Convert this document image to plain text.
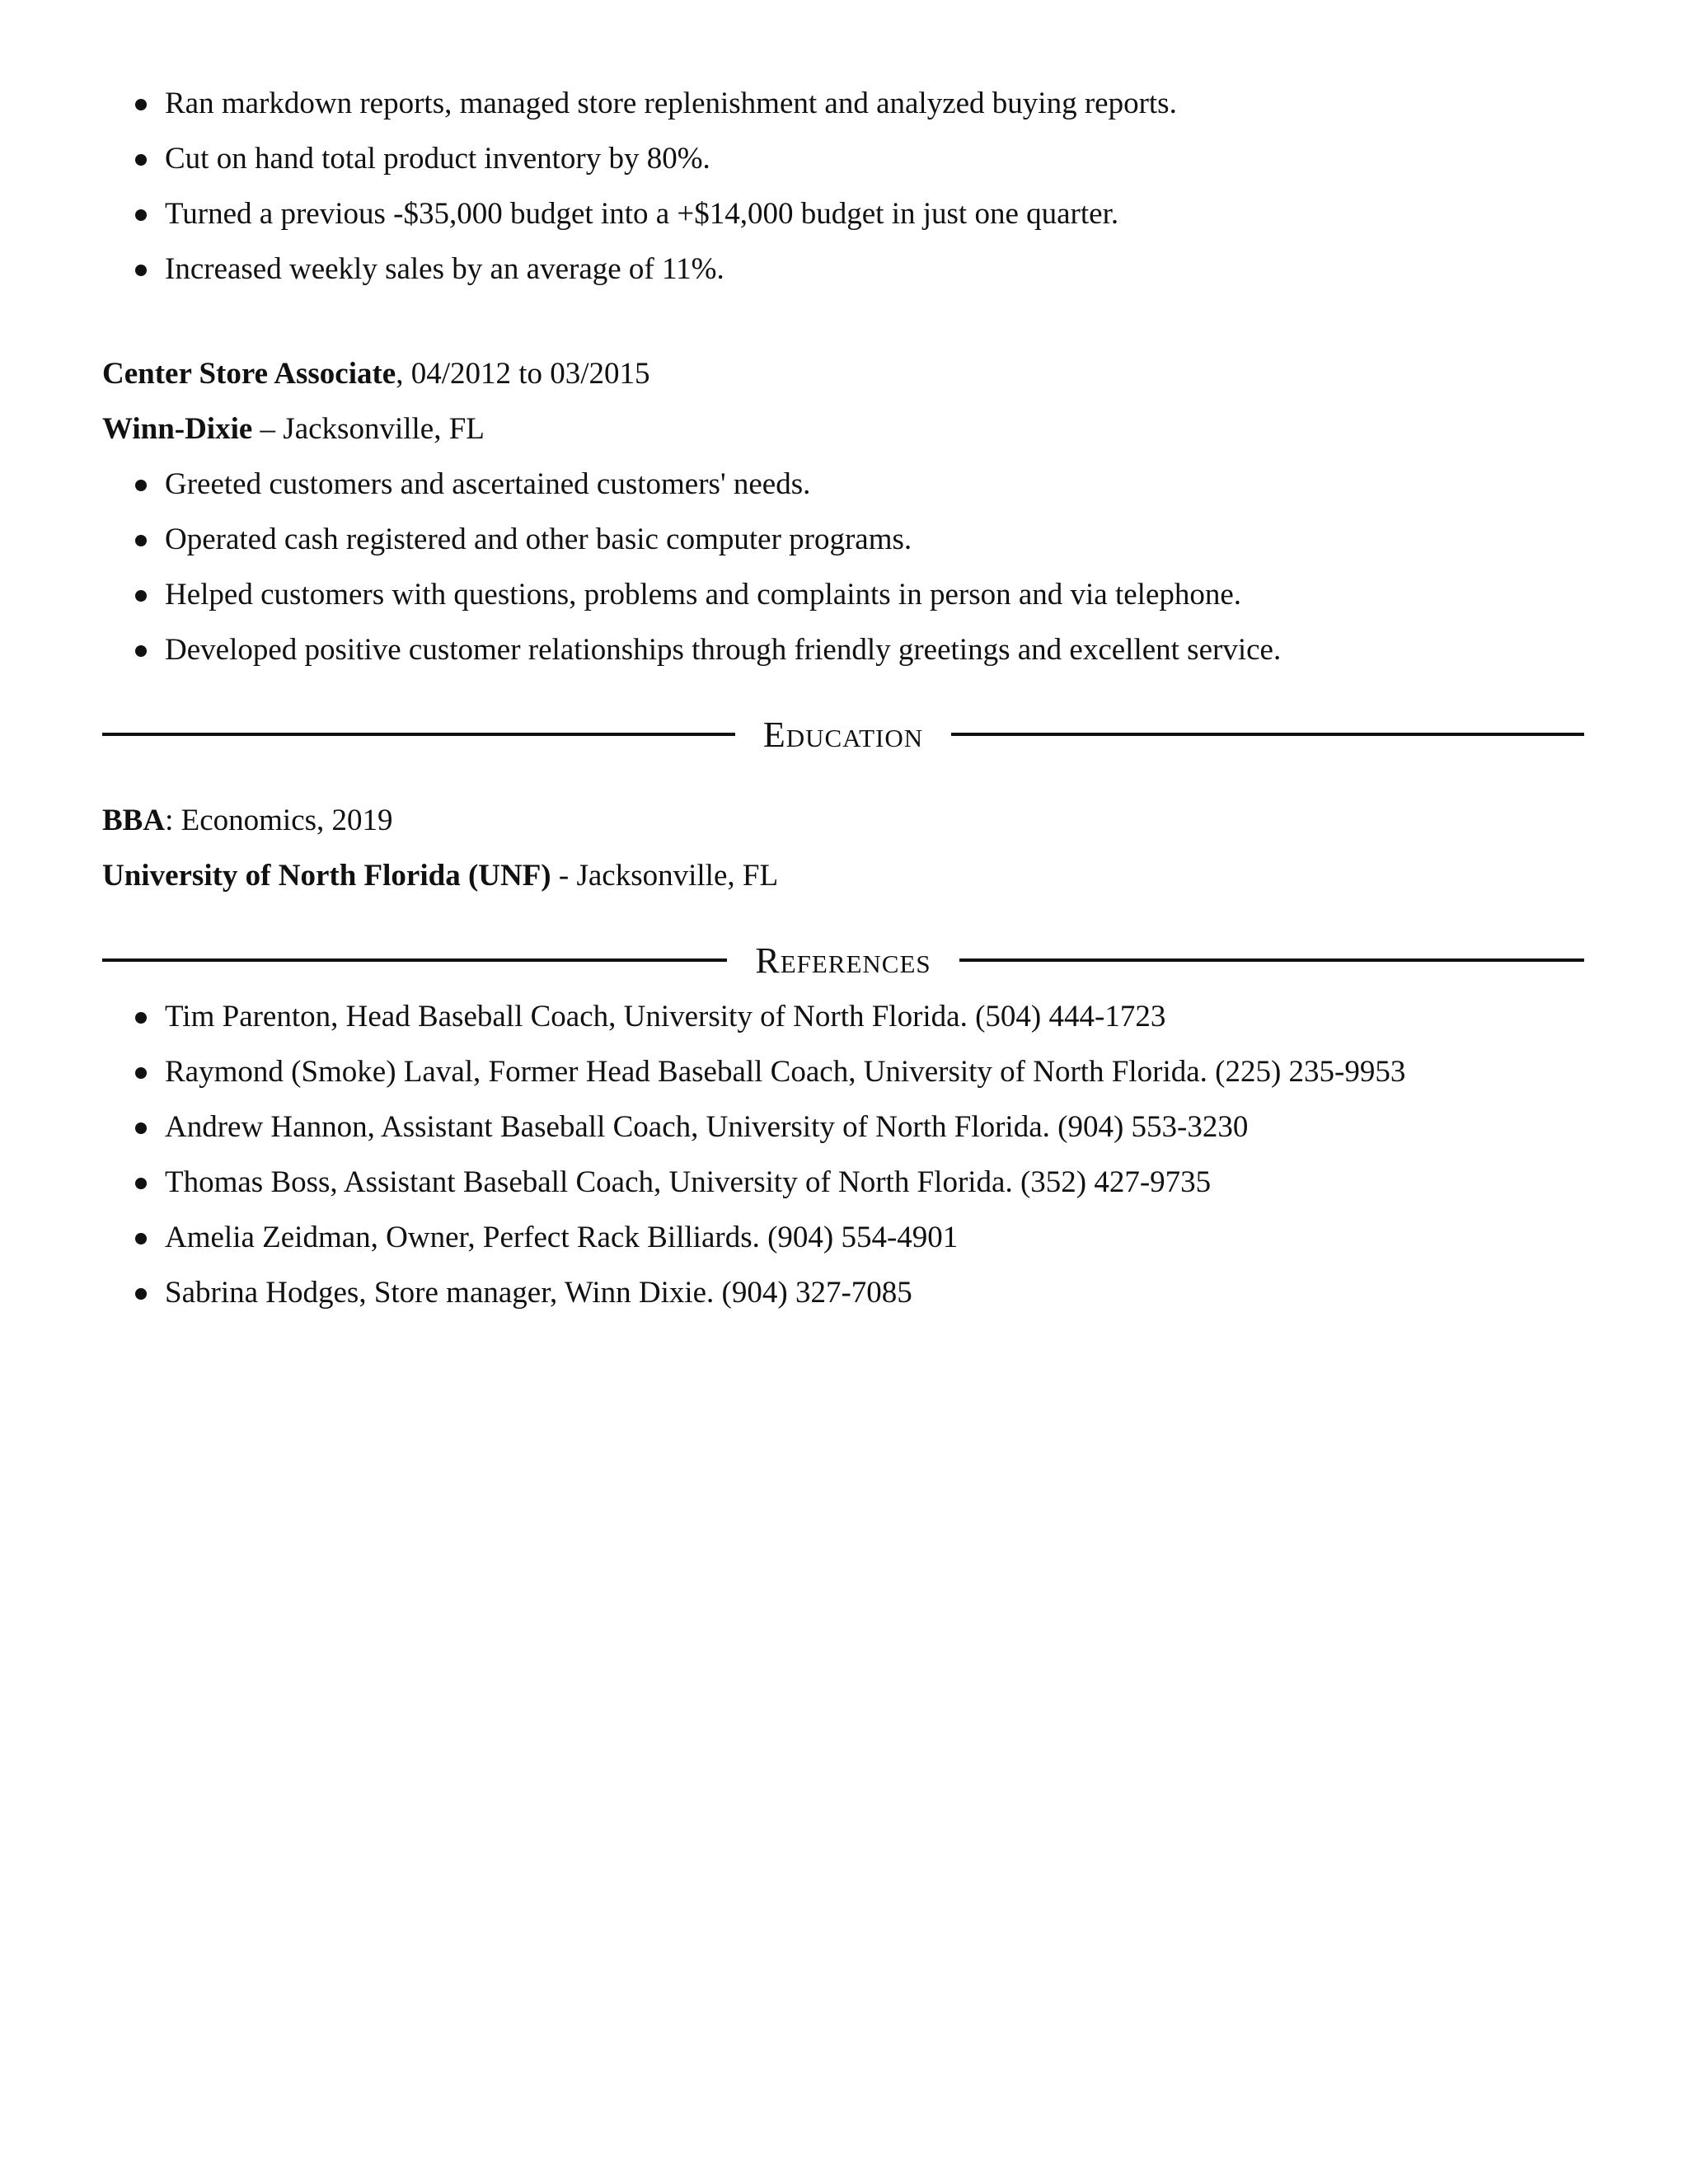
Ran markdown reports, managed store replenishment and analyzed buying reports.
Cut on hand total product inventory by 80%.
Turned a previous -$35,000 budget into a +$14,000 budget in just one quarter.
Increased weekly sales by an average of 11%.
Center Store Associate, 04/2012 to 03/2015
Winn-Dixie – Jacksonville, FL
Greeted customers and ascertained customers' needs.
Operated cash registered and other basic computer programs.
Helped customers with questions, problems and complaints in person and via telephone.
Developed positive customer relationships through friendly greetings and excellent service.
Education
BBA: Economics, 2019
University of North Florida (UNF) - Jacksonville, FL
References
Tim Parenton, Head Baseball Coach, University of North Florida. (504) 444-1723
Raymond (Smoke) Laval, Former Head Baseball Coach, University of North Florida. (225) 235-9953
Andrew Hannon, Assistant Baseball Coach, University of North Florida. (904) 553-3230
Thomas Boss, Assistant Baseball Coach, University of North Florida. (352) 427-9735
Amelia Zeidman, Owner, Perfect Rack Billiards. (904) 554-4901
Sabrina Hodges, Store manager, Winn Dixie. (904) 327-7085
